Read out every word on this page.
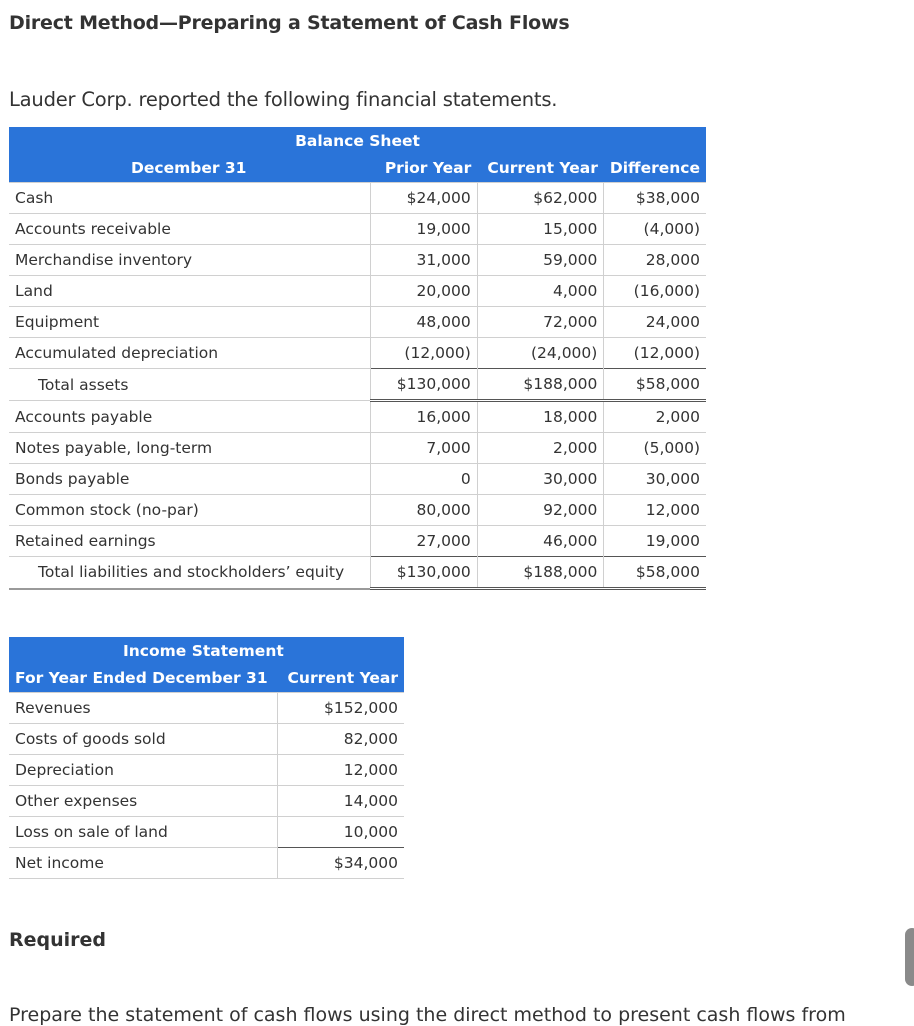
Direct Method—Preparing a Statement of Cash Flows

Lauder Corp. reported the following financial statements.

Balance Sheet			
December 31	Prior Year	Current Year	Difference
Cash	$24,000	$62,000	$38,000
Accounts receivable	19,000	15,000	(4,000)
Merchandise inventory	31,000	59,000	28,000
Land	20,000	4,000	(16,000)
Equipment	48,000	72,000	24,000
Accumulated depreciation	(12,000)	(24,000)	(12,000)
Total assets	$130,000	$188,000	$58,000
Accounts payable	16,000	18,000	2,000
Notes payable, long-term	7,000	2,000	(5,000)
Bonds payable	0	30,000	30,000
Common stock (no-par)	80,000	92,000	12,000
Retained earnings	27,000	46,000	19,000
Total liabilities and stockholders’ equity	$130,000	$188,000	$58,000
Income Statement	
For Year Ended December 31	Current Year
Revenues	$152,000
Costs of goods sold	82,000
Depreciation	12,000
Other expenses	14,000
Loss on sale of land	10,000
Net income	$34,000
Required

Prepare the statement of cash flows using the direct method to present cash flows from
